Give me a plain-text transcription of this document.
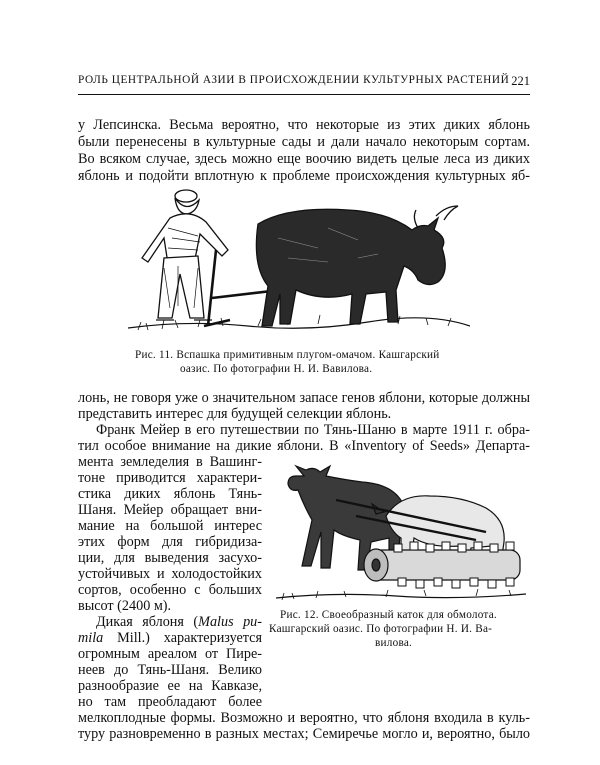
РОЛЬ ЦЕНТРАЛЬНОЙ АЗИИ В ПРОИСХОЖДЕНИИ КУЛЬТУРНЫХ РАСТЕНИЙ 221
у Лепсинска. Весьма вероятно, что некоторые из этих диких яблонь
были перенесены в культурные сады и дали начало некоторым сортам.
Во всяком случае, здесь можно еще воочию видеть целые леса из диких
яблонь и подойти вплотную к проблеме происхождения культурных яб-
Рис. 11. Вспашка примитивным плугом-омачом. Кашгарский
оазис. По фотографии Н. И. Вавилова.
лонь, не говоря уже о значительном запасе генов яблони, которые должны
представить интерес для будущей селекции яблонь.
Франк Мейер в его путешествии по Тянь-Шаню в марте 1911 г. обра-
тил особое внимание на дикие яблони. В «Inventory of Seeds» Департа-
мента земледелия в Вашинг-
тоне приводится характери-
стика диких яблонь Тянь-
Шаня. Мейер обращает вни-
мание на большой интерес
этих форм для гибридиза-
ции, для выведения засухо-
устойчивых и холодостойких
сортов, особенно с больших
высот (2400 м).
Дикая яблоня (Malus pu-
mila Mill.) характеризуется
огромным ареалом от Пире-
неев до Тянь-Шаня. Велико
разнообразие ее на Кавказе,
но там преобладают более
мелкоплодные формы. Возможно и вероятно, что яблоня входила в куль-
туру разновременно в разных местах; Семиречье могло и, вероятно, было
Рис. 12. Своеобразный каток для обмолота.
Кашгарский оазис. По фотографии Н. И. Ва-
вилова.
